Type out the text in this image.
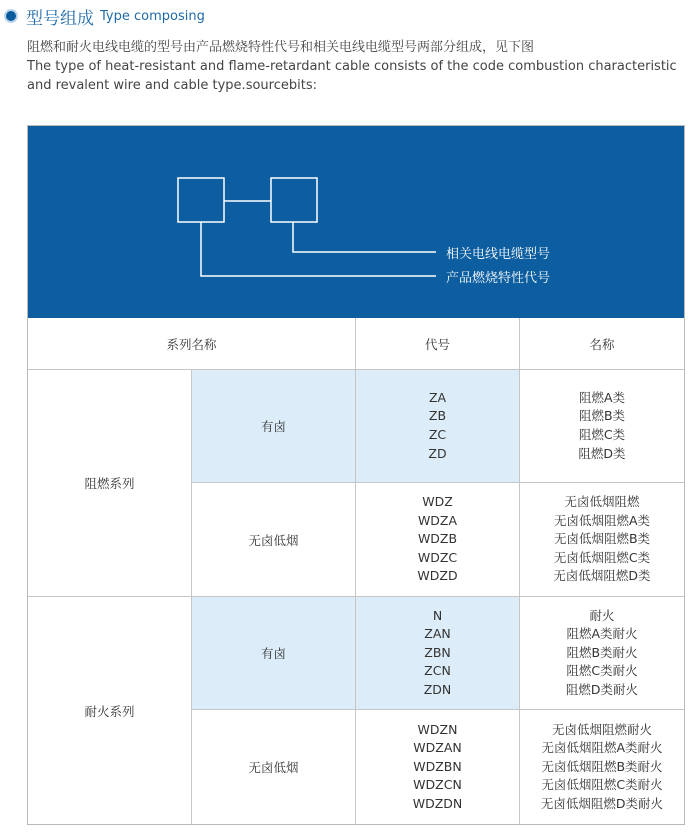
型号组成 Type composing

阻燃和耐火电线电缆的型号由产品燃烧特性代号和相关电线电缆型号两部分组成，见下图

The type of heat-resistant and flame-retardant cable consists of the code combustion characteristic and revalent wire and cable type.sourcebits:

相关电线电缆型号
产品燃烧特性代号
系列名称	代号	名称
阻燃系列
有卤
ZA
ZB
ZC
ZD
阻燃A类
阻燃B类
阻燃C类
阻燃D类
无卤低烟
WDZ
WDZA
WDZB
WDZC
WDZD
无卤低烟阻燃
无卤低烟阻燃A类
无卤低烟阻燃B类
无卤低烟阻燃C类
无卤低烟阻燃D类
耐火系列
有卤
N
ZAN
ZBN
ZCN
ZDN
耐火
阻燃A类耐火
阻燃B类耐火
阻燃C类耐火
阻燃D类耐火
无卤低烟
WDZN
WDZAN
WDZBN
WDZCN
WDZDN
无卤低烟阻燃耐火
无卤低烟阻燃A类耐火
无卤低烟阻燃B类耐火
无卤低烟阻燃C类耐火
无卤低烟阻燃D类耐火
